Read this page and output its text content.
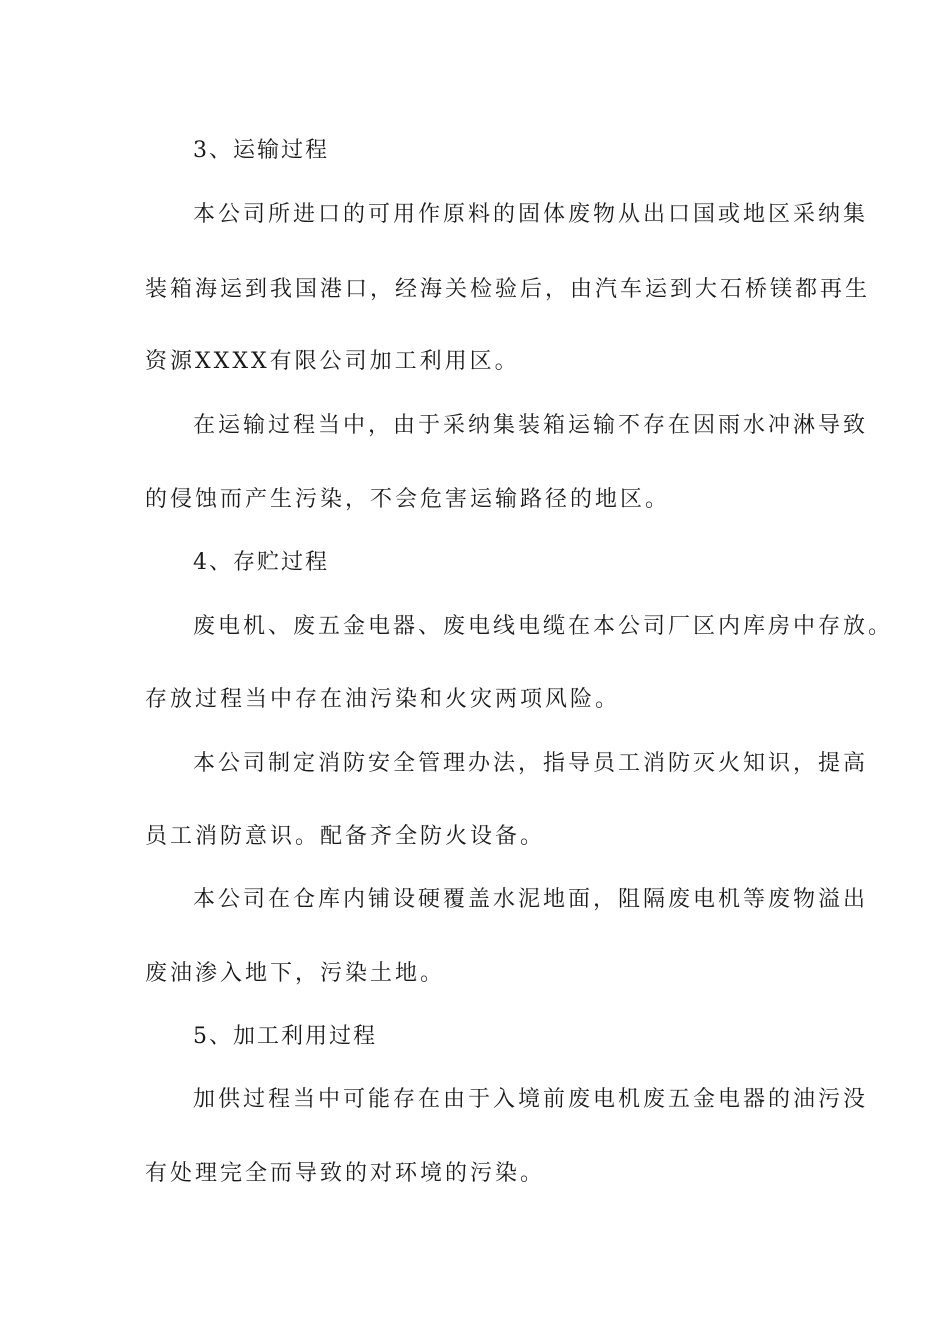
3、运输过程

本公司所进口的可用作原料的固体废物从出口国或地区采纳集

装箱海运到我国港口，经海关检验后，由汽车运到大石桥镁都再生

资源XXXX有限公司加工利用区。

在运输过程当中，由于采纳集装箱运输不存在因雨水冲淋导致

的侵蚀而产生污染，不会危害运输路径的地区。

4、存贮过程

废电机、废五金电器、废电线电缆在本公司厂区内库房中存放。

存放过程当中存在油污染和火灾两项风险。

本公司制定消防安全管理办法，指导员工消防灭火知识，提高

员工消防意识。配备齐全防火设备。

本公司在仓库内铺设硬覆盖水泥地面，阻隔废电机等废物溢出

废油渗入地下，污染土地。

5、加工利用过程

加供过程当中可能存在由于入境前废电机废五金电器的油污没

有处理完全而导致的对环境的污染。
